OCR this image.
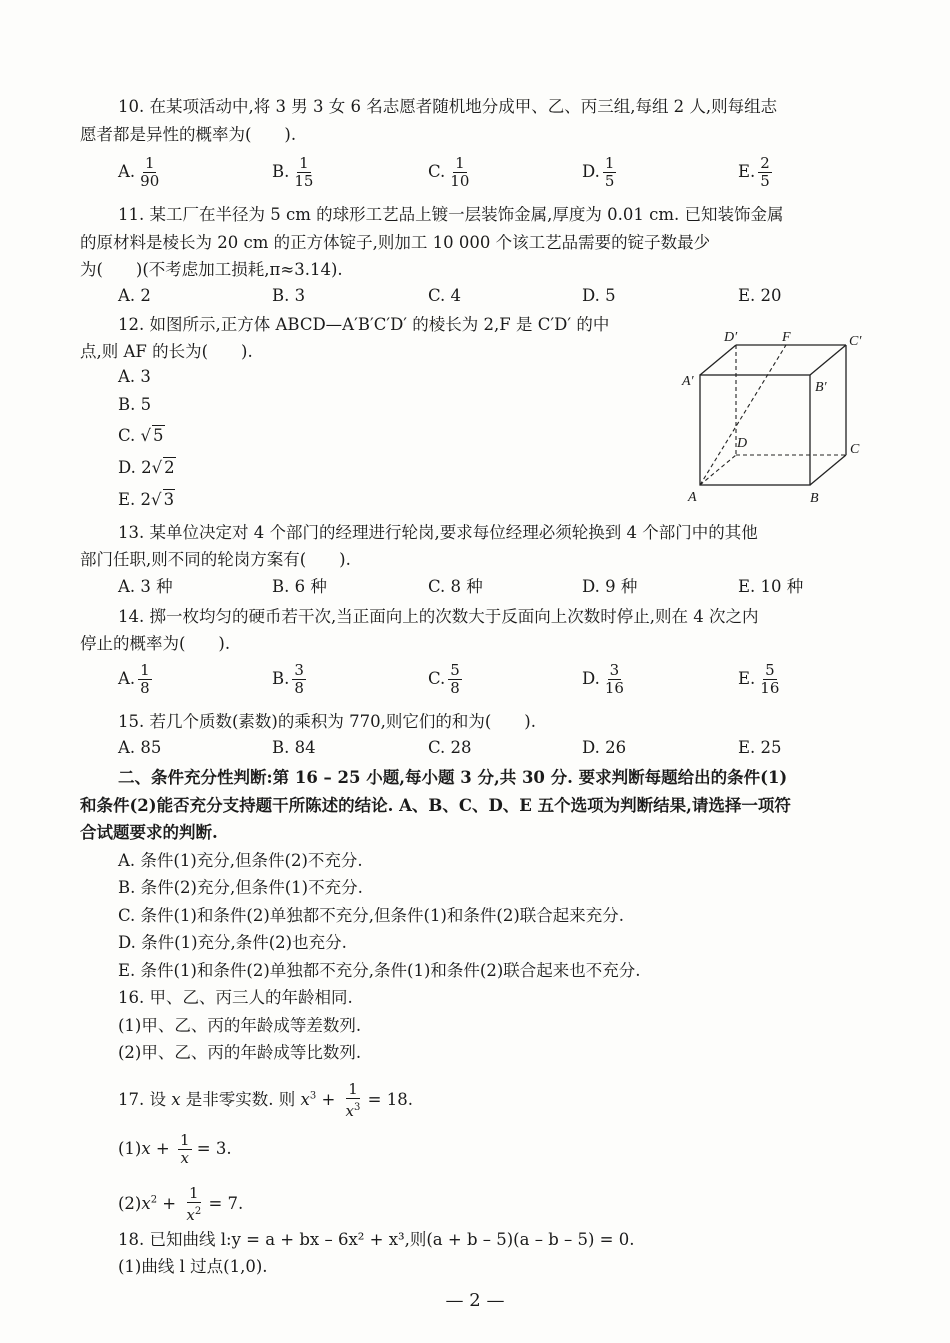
10. 在某项活动中,将 3 男 3 女 6 名志愿者随机地分成甲、乙、丙三组,每组 2 人,则每组志
愿者都是异性的概率为(　　).
A. $\frac{1}{90}$	B. $\frac{1}{15}$	C. $\frac{1}{10}$	D. $\frac{1}{5}$	E. $\frac{2}{5}$
11. 某工厂在半径为 5 cm 的球形工艺品上镀一层装饰金属,厚度为 0.01 cm. 已知装饰金属
的原材料是棱长为 20 cm 的正方体锭子,则加工 10 000 个该工艺品需要的锭子数最少
为(　　)(不考虑加工损耗,π≈3.14).
A. 2	B. 3	C. 4	D. 5	E. 20
12. 如图所示,正方体 ABCD—A′B′C′D′ 的棱长为 2,F 是 C′D′ 的中
点,则 AF 的长为(　　).
A. 3
B. 5
C. √ 5
D. 2√ 2
E. 2√ 3
D′	F	C′
A′	B′
D	C
A	B
13. 某单位决定对 4 个部门的经理进行轮岗,要求每位经理必须轮换到 4 个部门中的其他
部门任职,则不同的轮岗方案有(　　).
A. 3 种	B. 6 种	C. 8 种	D. 9 种	E. 10 种
14. 掷一枚均匀的硬币若干次,当正面向上的次数大于反面向上次数时停止,则在 4 次之内
停止的概率为(　　).
A. $\frac{1}{8}$	B. $\frac{3}{8}$	C. $\frac{5}{8}$	D. $\frac{3}{16}$	E. $\frac{5}{16}$
15. 若几个质数(素数)的乘积为 770,则它们的和为(　　).
A. 85	B. 84	C. 28	D. 26	E. 25
二、条件充分性判断:第 16 – 25 小题,每小题 3 分,共 30 分. 要求判断每题给出的条件(1)
和条件(2)能否充分支持题干所陈述的结论. A、B、C、D、E 五个选项为判断结果,请选择一项符
合试题要求的判断.
A. 条件(1)充分,但条件(2)不充分.
B. 条件(2)充分,但条件(1)不充分.
C. 条件(1)和条件(2)单独都不充分,但条件(1)和条件(2)联合起来充分.
D. 条件(1)充分,条件(2)也充分.
E. 条件(1)和条件(2)单独都不充分,条件(1)和条件(2)联合起来也不充分.
16. 甲、乙、丙三人的年龄相同.
(1)甲、乙、丙的年龄成等差数列.
(2)甲、乙、丙的年龄成等比数列.
17. 设 x 是非零实数. 则 $x^3 + \frac{1}{x^3} = 18$.
$(1)x + \frac{1}{x} = 3$.
$(2)x^2 + \frac{1}{x^2} = 7$.
18. 已知曲线 l:y = a + bx – 6x² + x³,则(a + b – 5)(a – b – 5) = 0.
(1)曲线 l 过点(1,0).
— 2 —
